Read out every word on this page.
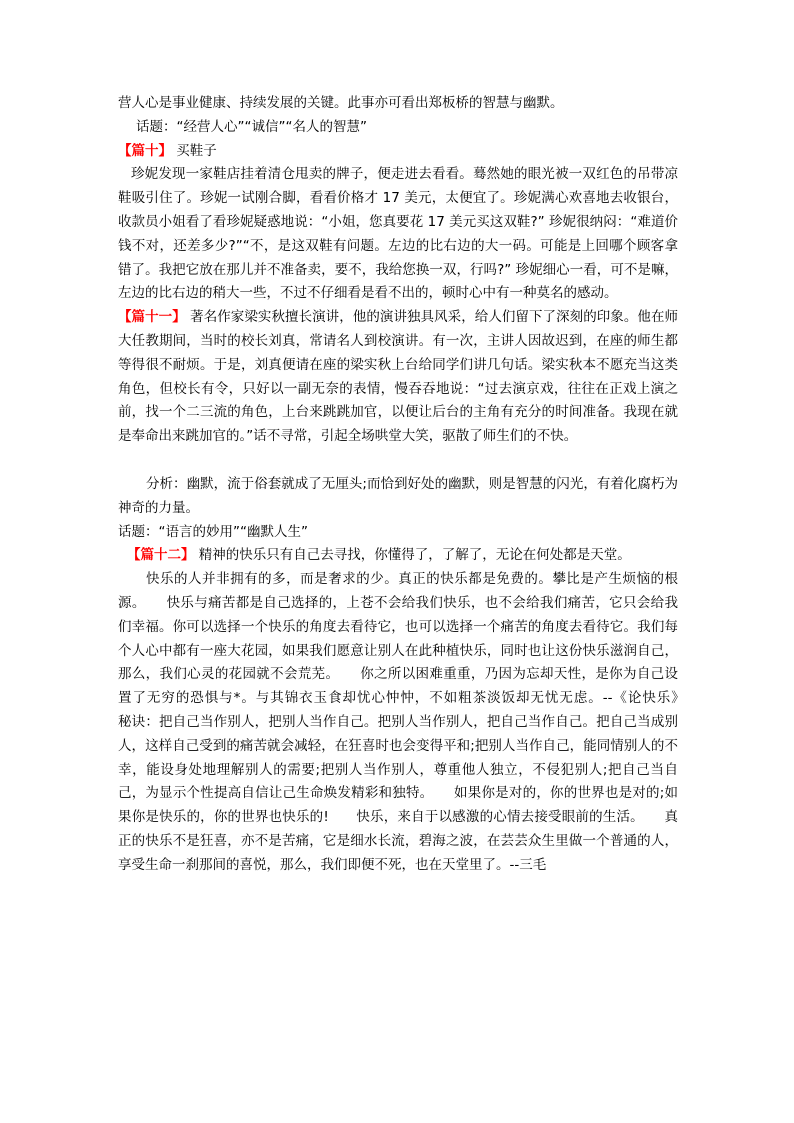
营人心是事业健康、持续发展的关键。此事亦可看出郑板桥的智慧与幽默。

话题：“经营人心”“诚信”“名人的智慧”

【篇十】 买鞋子

珍妮发现一家鞋店挂着清仓甩卖的牌子，便走进去看看。蓦然她的眼光被一双红色的吊带凉鞋吸引住了。珍妮一试刚合脚，看看价格才 17 美元，太便宜了。珍妮满心欢喜地去收银台，收款员小姐看了看珍妮疑惑地说：“小姐，您真要花 17 美元买这双鞋?” 珍妮很纳闷：“难道价钱不对，还差多少?”“不，是这双鞋有问题。左边的比右边的大一码。可能是上回哪个顾客拿错了。我把它放在那儿并不准备卖，要不，我给您换一双，行吗?” 珍妮细心一看，可不是嘛，左边的比右边的稍大一些，不过不仔细看是看不出的，顿时心中有一种莫名的感动。

【篇十一】 著名作家梁实秋擅长演讲，他的演讲独具风采，给人们留下了深刻的印象。他在师大任教期间，当时的校长刘真，常请名人到校演讲。有一次，主讲人因故迟到，在座的师生都等得很不耐烦。于是，刘真便请在座的梁实秋上台给同学们讲几句话。梁实秋本不愿充当这类角色，但校长有令，只好以一副无奈的表情，慢吞吞地说：“过去演京戏，往往在正戏上演之前，找一个二三流的角色，上台来跳跳加官，以便让后台的主角有充分的时间准备。我现在就是奉命出来跳加官的。”话不寻常，引起全场哄堂大笑，驱散了师生们的不快。

分析：幽默，流于俗套就成了无厘头;而恰到好处的幽默，则是智慧的闪光，有着化腐朽为神奇的力量。

话题：“语言的妙用”“幽默人生”

【篇十二】 精神的快乐只有自己去寻找，你懂得了，了解了，无论在何处都是天堂。

快乐的人并非拥有的多，而是奢求的少。真正的快乐都是免费的。攀比是产生烦恼的根源。　　快乐与痛苦都是自己选择的，上苍不会给我们快乐，也不会给我们痛苦，它只会给我们幸福。你可以选择一个快乐的角度去看待它，也可以选择一个痛苦的角度去看待它。我们每个人心中都有一座大花园，如果我们愿意让别人在此种植快乐，同时也让这份快乐滋润自己，那么，我们心灵的花园就不会荒芜。　　你之所以困难重重，乃因为忘却天性，是你为自己设置了无穷的恐惧与*。与其锦衣玉食却忧心忡忡，不如粗茶淡饭却无忧无虑。--《论快乐》　　秘诀：把自己当作别人，把别人当作自己。把别人当作别人，把自己当作自己。把自己当成别人，这样自己受到的痛苦就会减轻，在狂喜时也会变得平和;把别人当作自己，能同情别人的不幸，能设身处地理解别人的需要;把别人当作别人，尊重他人独立，不侵犯别人;把自己当自己，为显示个性提高自信让己生命焕发精彩和独特。　　如果你是对的，你的世界也是对的;如果你是快乐的，你的世界也快乐的!　　快乐，来自于以感激的心情去接受眼前的生活。　　真正的快乐不是狂喜，亦不是苦痛，它是细水长流，碧海之波，在芸芸众生里做一个普通的人，享受生命一刹那间的喜悦，那么，我们即便不死，也在天堂里了。--三毛
